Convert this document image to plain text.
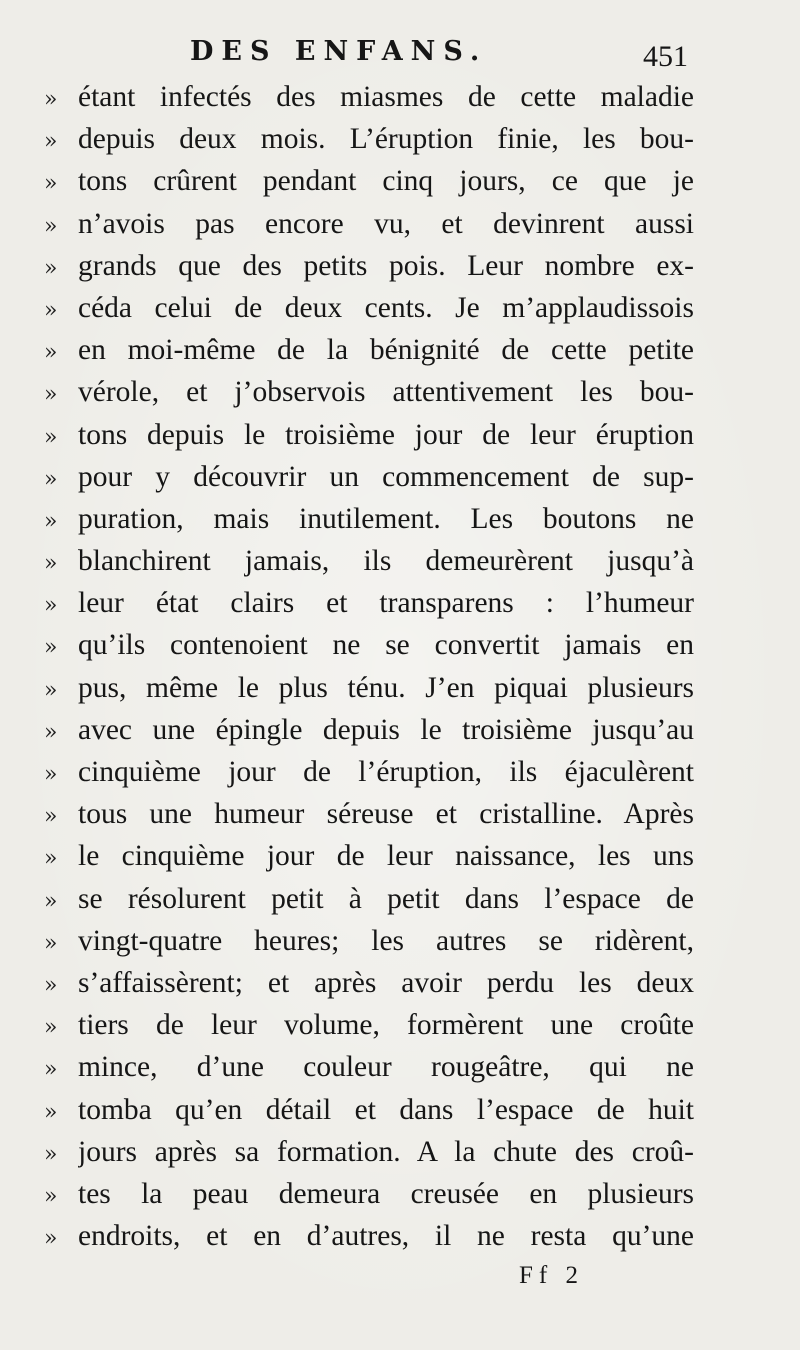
DES ENFANS.	451
» étant infectés des miasmes de cette maladie
» depuis deux mois. L’éruption finie, les bou-
» tons crûrent pendant cinq jours, ce que je
» n’avois pas encore vu, et devinrent aussi
» grands que des petits pois. Leur nombre ex-
» céda celui de deux cents. Je m’applaudissois
» en moi-même de la bénignité de cette petite
» vérole, et j’observois attentivement les bou-
» tons depuis le troisième jour de leur éruption
» pour y découvrir un commencement de sup-
» puration, mais inutilement. Les boutons ne
» blanchirent jamais, ils demeurèrent jusqu’à
» leur état clairs et transparens : l’humeur
» qu’ils contenoient ne se convertit jamais en
» pus, même le plus ténu. J’en piquai plusieurs
» avec une épingle depuis le troisième jusqu’au
» cinquième jour de l’éruption, ils éjaculèrent
» tous une humeur séreuse et cristalline. Après
» le cinquième jour de leur naissance, les uns
» se résolurent petit à petit dans l’espace de
» vingt-quatre heures; les autres se ridèrent,
» s’affaissèrent; et après avoir perdu les deux
» tiers de leur volume, formèrent une croûte
» mince, d’une couleur rougeâtre, qui ne
» tomba qu’en détail et dans l’espace de huit
» jours après sa formation. A la chute des croû-
» tes la peau demeura creusée en plusieurs
» endroits, et en d’autres, il ne resta qu’une
Ff 2
